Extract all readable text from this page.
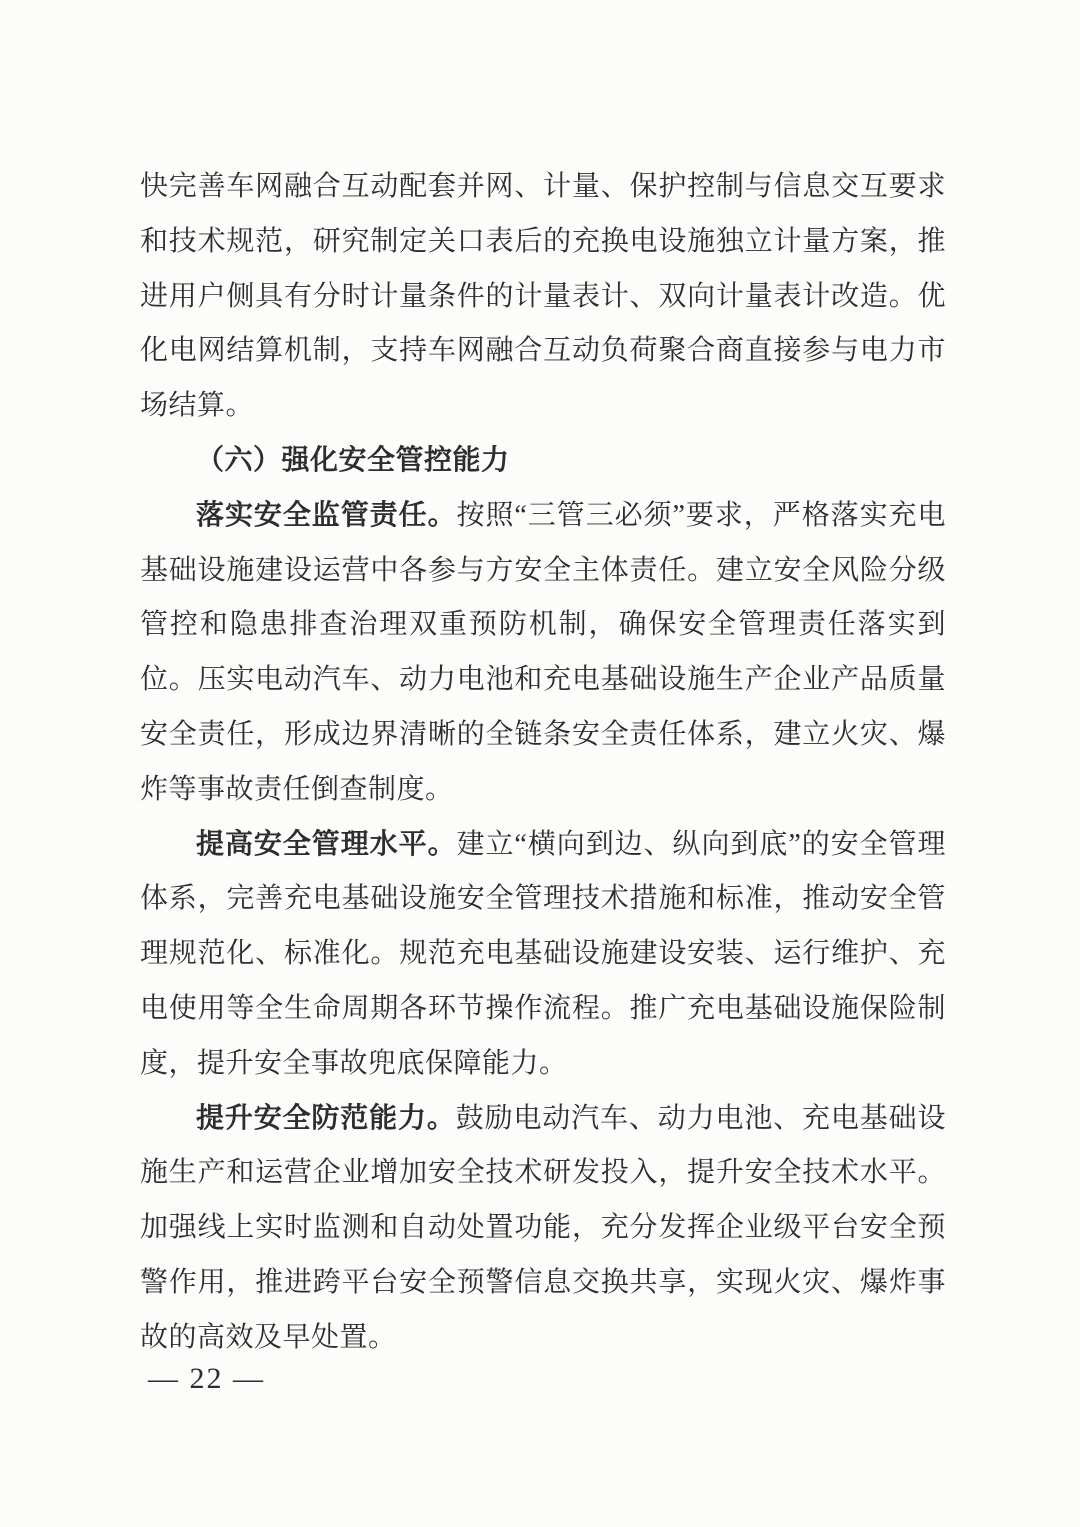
快完善车网融合互动配套并网、计量、保护控制与信息交互要求和技术规范，研究制定关口表后的充换电设施独立计量方案，推进用户侧具有分时计量条件的计量表计、双向计量表计改造。优化电网结算机制，支持车网融合互动负荷聚合商直接参与电力市场结算。

（六）强化安全管控能力

落实安全监管责任。按照“三管三必须”要求，严格落实充电基础设施建设运营中各参与方安全主体责任。建立安全风险分级管控和隐患排查治理双重预防机制，确保安全管理责任落实到位。压实电动汽车、动力电池和充电基础设施生产企业产品质量安全责任，形成边界清晰的全链条安全责任体系，建立火灾、爆炸等事故责任倒查制度。

提高安全管理水平。建立“横向到边、纵向到底”的安全管理体系，完善充电基础设施安全管理技术措施和标准，推动安全管理规范化、标准化。规范充电基础设施建设安装、运行维护、充电使用等全生命周期各环节操作流程。推广充电基础设施保险制度，提升安全事故兜底保障能力。

提升安全防范能力。鼓励电动汽车、动力电池、充电基础设施生产和运营企业增加安全技术研发投入，提升安全技术水平。加强线上实时监测和自动处置功能，充分发挥企业级平台安全预警作用，推进跨平台安全预警信息交换共享，实现火灾、爆炸事故的高效及早处置。

— 22 —
